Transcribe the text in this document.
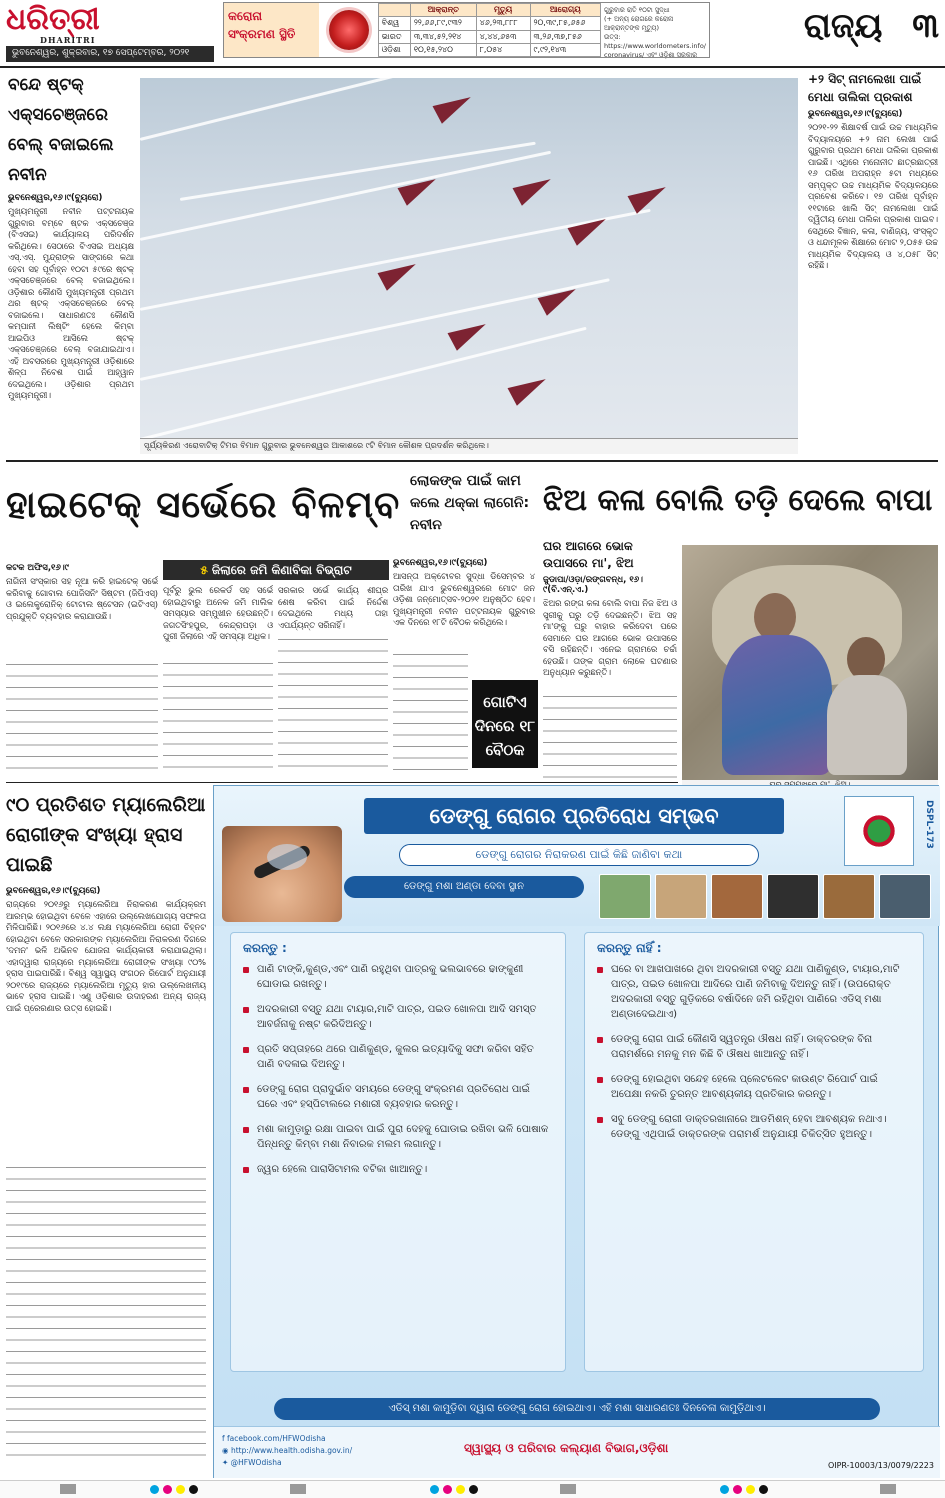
ଧରିତ୍ରୀ
DHARITRI
ଭୁବନେଶ୍ୱର, ଶୁକ୍ରବାର, ୧୭ ସେପ୍ଟେମ୍ବର, ୨୦୨୧
କରୋନା
ସଂକ୍ରମଣ ସ୍ଥିତି
	ଆକ୍ରାନ୍ତ	ମୃତ୍ୟୁ	ଆରୋଗ୍ୟ
ବିଶ୍ୱ	୨୨,୬୬,୮୯,୯୩୨	୪୬,୨୩,୮୮୮	୨୦,୩୯,୮୫,୬୫୬
ଭାରତ	୩,୩୪,୫୨,୨୧୪	୪,୪୪,୬୫୩	୩,୨୬,୩୭,୮୫୬
ଓଡ଼ିଶା	୧୦,୧୫,୨୪୦	୮,୦୫୪	୯,୯୨,୧୪୩
ଗୁରୁବାର ରାତି ୧୦ଟା ସୁଦ୍ଧା
(+ ଅନ୍ୟ ରୋଗରେ କରୋନା ଆକ୍ରାନ୍ତଙ୍କ ମୃତ୍ୟୁ)
ଉତ୍ସ: https://www.worldometers.info/
coronavirus/ ଏବଂ ଓଡ଼ିଶା ସରକାର
ରାଜ୍ୟ ୩
ବନ୍ଦେ ଷ୍ଟକ୍ ଏକ୍ସଚେଞ୍ଜରେ ବେଲ୍ ବଜାଇଲେ ନବୀନ
ଭୁବନେଶ୍ୱର,୧୬।୯(ବ୍ୟୁରୋ)
ମୁଖ୍ୟମନ୍ତ୍ରୀ ନବୀନ ପଟ୍ଟନାୟକ ଗୁରୁବାର ବମ୍ବେ ଷ୍ଟକ ଏକ୍ସଚେଞ୍ଜ (ବିଏସଇ) କାର୍ଯ୍ୟାଳୟ ପରିଦର୍ଶନ କରିଥିଲେ। ସେଠାରେ ବିଏସଇ ଅଧ୍ୟକ୍ଷ ଏସ୍.ଏସ୍. ମୁନ୍ଦ୍ରାଙ୍କ ସାଙ୍ଗରେ କଥା ହେବା ସହ ପୂର୍ବାହ୍ନ ୧୦ଟା ୫୯ରେ ଷ୍ଟକ୍ ଏକ୍ସଚେଞ୍ଜରେ ବେଲ୍ ବଜାଇଥିଲେ। ଓଡ଼ିଶାର କୌଣସି ମୁଖ୍ୟମନ୍ତ୍ରୀ ପ୍ରଥମ ଥର ଷ୍ଟକ୍ ଏକ୍ସଚେଞ୍ଜରେ ବେଲ୍ ବଜାଇଲେ। ସାଧାରଣତଃ କୌଣସି କମ୍ପାନୀ ଲିଷ୍ଟିଂ ହେଲେ କିମ୍ବା ଆଇପିଓ ଆସିଲେ ଷ୍ଟକ୍ ଏକ୍ସଚେଞ୍ଜରେ ବେଲ୍ ବଜାଯାଇଥାଏ। ଏହି ଅବସରରେ ମୁଖ୍ୟମନ୍ତ୍ରୀ ଓଡ଼ିଶାରେ ଶିଳ୍ପ ନିବେଶ ପାଇଁ ଆହ୍ୱାନ ଦେଇଥିଲେ। ଓଡ଼ିଶାର ପ୍ରଥମ ମୁଖ୍ୟମନ୍ତ୍ରୀ।
ସୂର୍ଯ୍ୟକିରଣ ଏରୋବାଟିକ୍ ଟିମର ବିମାନ ଗୁରୁବାର ଭୁବନେଶ୍ୱର ଆକାଶରେ ୯ଟି ବିମାନ କୌଶଳ ପ୍ରଦର୍ଶନ କରିଥିଲେ।
+୨ ସିଟ୍ ନାମଲେଖା ପାଇଁ ମେଧା ତାଲିକା ପ୍ରକାଶ
ଭୁବନେଶ୍ୱର,୧୬।୯(ବ୍ୟୁରୋ)
୨୦୨୧-୨୨ ଶିକ୍ଷାବର୍ଷ ପାଇଁ ଉଚ୍ଚ ମାଧ୍ୟମିକ ବିଦ୍ୟାଳୟରେ +୨ ନାମ ଲେଖା ପାଇଁ ଗୁରୁବାର ପ୍ରଥମ ମେଧା ତାଲିକା ପ୍ରକାଶ ପାଇଛି। ଏଥିରେ ମନୋନୀତ ଛାତ୍ରଛାତ୍ରୀ ୧୬ ତାରିଖ ଅପରାହ୍ନ ୫ଟା ମଧ୍ୟରେ ସମ୍ପୃକ୍ତ ଉଚ୍ଚ ମାଧ୍ୟମିକ ବିଦ୍ୟାଳୟରେ ପ୍ରବେଶ କରିବେ। ୧୭ ତାରିଖ ପୂର୍ବାହ୍ନ ୧୧ଟାରେ ଖାଲି ସିଟ୍ ନାମଲେଖା ପାଇଁ ଦ୍ୱିତୀୟ ମେଧା ତାଲିକା ପ୍ରକାଶ ପାଇବ। ସେଥିରେ ବିଜ୍ଞାନ, କଳା, ବାଣିଜ୍ୟ, ସଂସ୍କୃତ ଓ ଧନ୍ଦାମୂଳକ ଶିକ୍ଷାରେ ମୋଟ ୨,୦୫୫ ଉଚ୍ଚ ମାଧ୍ୟମିକ ବିଦ୍ୟାଳୟ ଓ ୪,୦୫୮ ସିଟ୍ ରହିଛି।
ହାଇଟେକ୍ ସର୍ଭେରେ ବିଳମ୍ବ
ଲୋକଙ୍କ ପାଇଁ କାମ କଲେ ଥକ୍କା ଲାଗେନି: ନବୀନ
ଝିଅ କଳା ବୋଲି ତଡ଼ି ଦେଲେ ବାପା
୫ ଜିଲାରେ ଜମି କିଣାବିକା ବିଭ୍ରାଟ
କଟକ ଅଫିସ,୧୬।୯
ନାଗିନୀ ସଂସ୍କାର ସହ ନୂଆ କରି ହାଇଟେକ୍ ସର୍ଭେ କରିବାକୁ ଗୋବାଲ ପୋଜିସନିଂ ସିଷ୍ଟମ (ଜିପିଏସ୍) ଓ ଇଲେକ୍ଟ୍ରୋନିକ୍ ଟୋଟାଲ ଷ୍ଟେସନ (ଇଟିଏସ୍) ପ୍ରଯୁକ୍ତି ବ୍ୟବହାର କରାଯାଉଛି।
ପୂର୍ବରୁ ଭୁଲ ରେକର୍ଡ ସହ ସର୍ଭେ ହୋଇଥିବାରୁ ଅନେକ ଜମି ମାଲିକ ସମସ୍ୟାର ସମ୍ମୁଖୀନ ହେଉଛନ୍ତି। ଜଗତସିଂହପୁର, କେନ୍ଦ୍ରାପଡ଼ା ଓ ପୁରୀ ଜିଲାରେ ଏହି ସମସ୍ୟା ଅଧିକ।
ସରକାର ସର୍ଭେ କାର୍ଯ୍ୟ ଶୀଘ୍ର ଶେଷ କରିବା ପାଇଁ ନିର୍ଦ୍ଦେଶ ଦେଇଥିଲେ ମଧ୍ୟ ତାହା ଏପର୍ଯ୍ୟନ୍ତ ସରିନାହିଁ।
ଭୁବନେଶ୍ୱର,୧୬।୯(ବ୍ୟୁରୋ)
ଆସନ୍ତା ଅକ୍ଟୋବର ସୁଦ୍ଧା ଡିସେମ୍ବର ୪ ତାରିଖ ଯାଏ ଭୁବନେଶ୍ୱରରେ ମୋଟ ଜନ ଓଡ଼ିଶା ଜନ୍ମୋତ୍ସବ-୨୦୨୧ ଅନୁଷ୍ଠିତ ହେବ। ମୁଖ୍ୟମନ୍ତ୍ରୀ ନବୀନ ପଟ୍ଟନାୟକ ଗୁରୁବାର ଏକ ଦିନରେ ୧୮ଟି ବୈଠକ କରିଥିଲେ।
ଗୋଟିଏ
ଦିନରେ ୧୮
ବୈଠକ
ଘର ଆଗରେ ଭୋକ ଉପାସରେ ମା', ଝିଅ
ଜୁଡାପା/ଓଡ଼ା/ରଙ୍ଗବନ୍ଧ, ୧୬।୯(ବି.ଏନ୍.ଏ.)
ଝିଅର ରଙ୍ଗ କଳା ବୋଲି ବାପା ନିଜ ଝିଅ ଓ ସ୍ତ୍ରୀକୁ ଘରୁ ତଡ଼ି ଦେଇଛନ୍ତି। ଝିଅ ସହ ମା'ଙ୍କୁ ଘରୁ ବାହାର କରିଦେବା ପରେ ସେମାନେ ଘର ଆଗରେ ଭୋକ ଉପାସରେ ବସି ରହିଛନ୍ତି। ଏନେଇ ଗ୍ରାମରେ ଚର୍ଚ୍ଚା ହେଉଛି। ତାଙ୍କ ଗ୍ରାମ ଲୋକେ ଘଟଣାର ଅନୁଧ୍ୟାନ କରୁଛନ୍ତି।
୯୦ ପ୍ରତିଶତ ମ୍ୟାଲେରିଆ ରୋଗୀଙ୍କ ସଂଖ୍ୟା ହ୍ରାସ ପାଇଛି
ଭୁବନେଶ୍ୱର,୧୬।୯(ବ୍ୟୁରୋ)
ରାଜ୍ୟରେ ୨୦୧୬ରୁ ମ୍ୟାଲେରିଆ ନିରାକରଣ କାର୍ଯ୍ୟକ୍ରମ ଆରମ୍ଭ ହୋଇଥିବା ବେଳେ ଏହାରେ ଉଲ୍ଲେଖଯୋଗ୍ୟ ସଫଳତା ମିଳିପାରିଛି। ୨୦୧୬ରେ ୪.୪ ଲକ୍ଷ ମ୍ୟାଲେରିଆ ରୋଗୀ ଚିହ୍ନଟ ହୋଇଥିବା ବେଳେ ସରକାରଙ୍କ ମ୍ୟାଲେରିଆ ନିରାକରଣ ଦିଗରେ 'ଦମନ' ଭଳି ଅଭିନବ ଯୋଜନା କାର୍ଯ୍ୟକାରୀ କରାଯାଇଥିଲା। ଏହାଦ୍ୱାରା ରାଜ୍ୟରେ ମ୍ୟାଲେରିଆ ରୋଗୀଙ୍କ ସଂଖ୍ୟା ୯୦% ହ୍ରାସ ପାଇପାରିଛି। ବିଶ୍ୱ ସ୍ୱାସ୍ଥ୍ୟ ସଂଗଠନ ରିପୋର୍ଟ ଅନୁଯାୟୀ ୨୦୧୯ରେ ରାଜ୍ୟରେ ମ୍ୟାଲେରିଆ ମୃତ୍ୟୁ ହାର ଉଲ୍ଲେଖନୀୟ ଭାବେ ହ୍ରାସ ପାଇଛି। ଏଣୁ ଓଡ଼ିଶାର ଉଦାହରଣ ଅନ୍ୟ ରାଜ୍ୟ ପାଇଁ ପ୍ରେରଣାର ଉତ୍ସ ହୋଇଛି।
ଡେଙ୍ଗୁ ରୋଗର ପ୍ରତିରୋଧ ସମ୍ଭବ
ଡେଙ୍ଗୁ ରୋଗର ନିରାକରଣ ପାଇଁ କିଛି ଜାଣିବା କଥା
ଡେଙ୍ଗୁ ମଶା ଅଣ୍ଡା ଦେବା ସ୍ଥାନ
DSPL-173
କରନ୍ତୁ :
ପାଣି ଟାଙ୍କି,କୁଣ୍ଡ,ଏବଂ ପାଣି ରହୁଥିବା ପାତ୍ରକୁ ଭଲଭାବରେ ଢାଙ୍କୁଣୀ ଘୋଡାଇ ରଖନ୍ତୁ।
ଅଦରକାରୀ ବସ୍ତୁ ଯଥା ଟାୟାର,ମାଟି ପାତ୍ର, ପଇଡ ଖୋଳପା ଆଦି ସମସ୍ତ ଆବର୍ଜନାକୁ ନଷ୍ଟ କରିଦିଅନ୍ତୁ।
ପ୍ରତି ସପ୍ତାହରେ ଥରେ ପାଣିକୁଣ୍ଡ, କୁଲର ଇତ୍ୟାଦିକୁ ସଫା କରିବା ସହିତ ପାଣି ବଦଳାଇ ଦିଅନ୍ତୁ।
ଡେଙ୍ଗୁ ରୋଗ ପ୍ରାଦୁର୍ଭାବ ସମୟରେ ଡେଙ୍ଗୁ ସଂକ୍ରମଣ ପ୍ରତିରୋଧ ପାଇଁ ଘରେ ଏବଂ ହସ୍ପିଟାଲରେ ମଶାରୀ ବ୍ୟବହାର କରନ୍ତୁ।
ମଶା କାମୁଡ଼ାରୁ ରକ୍ଷା ପାଇବା ପାଇଁ ପୁରା ଦେହକୁ ଘୋଡାଇ ରଖିବା ଭଳି ପୋଷାକ ପିନ୍ଧନ୍ତୁ କିମ୍ବା ମଶା ନିବାରକ ମଲମ ଲଗାନ୍ତୁ।
ଜ୍ୱର ହେଲେ ପାରାସିଟାମଲ ବଟିକା ଖାଆନ୍ତୁ।
କରନ୍ତୁ ନାହିଁ :
ଘରେ ବା ଆଖପାଖରେ ଥିବା ଅଦରକାରୀ ବସ୍ତୁ ଯଥା ପାଣିକୁଣ୍ଡ, ଟାୟାର,ମାଟି ପାତ୍ର, ପଇଡ ଖୋଳପା ଆଦିରେ ପାଣି ଜମିବାକୁ ଦିଅନ୍ତୁ ନାହିଁ। (ଉପରୋକ୍ତ ଅଦରକାରୀ ବସ୍ତୁ ଗୁଡ଼ିକରେ ବର୍ଷାଦିନେ ଜମି ରହିଥିବା ପାଣିରେ ଏଡିସ୍ ମଶା ଅଣ୍ଡାଦେଇଥାଏ)
ଡେଙ୍ଗୁ ରୋଗ ପାଇଁ କୌଣସି ସ୍ୱତନ୍ତ୍ର ଔଷଧ ନାହିଁ। ଡାକ୍ତରଙ୍କ ବିନା ପରାମର୍ଶରେ ମନକୁ ମନ କିଛି ବି ଔଷଧ ଖାଆନ୍ତୁ ନାହିଁ।
ଡେଙ୍ଗୁ ହୋଇଥିବା ସନ୍ଦେହ ହେଲେ ପ୍ଲେଟଲେଟ କାଉଣ୍ଟ ରିପୋର୍ଟ ପାଇଁ ଅପେକ୍ଷା ନକରି ତୁରନ୍ତ ଆବଶ୍ୟକୀୟ ପ୍ରତିକାର କରନ୍ତୁ।
ସବୁ ଡେଙ୍ଗୁ ରୋଗୀ ଡାକ୍ତରଖାନାରେ ଆଡମିଶନ୍ ହେବା ଆବଶ୍ୟକ ନଥାଏ। ଡେଙ୍ଗୁ ଏଥିପାଇଁ ଡାକ୍ତରଙ୍କ ପରାମର୍ଶ ଅନୁଯାୟୀ ଚିକିତ୍ସିତ ହୁଅନ୍ତୁ।
ଏଡିସ୍ ମଶା କାମୁଡ଼ିବା ଦ୍ୱାରା ଡେଙ୍ଗୁ ରୋଗ ହୋଇଥାଏ। ଏହି ମଶା ସାଧାରଣତଃ ଦିନବେଳା କାମୁଡ଼ିଥାଏ।
f facebook.com/HFWOdisha
◉ http://www.health.odisha.gov.in/
✦ @HFWOdisha
ସ୍ୱାସ୍ଥ୍ୟ ଓ ପରିବାର କଲ୍ୟାଣ ବିଭାଗ,ଓଡ଼ିଶା
OIPR-10003/13/0079/2223
